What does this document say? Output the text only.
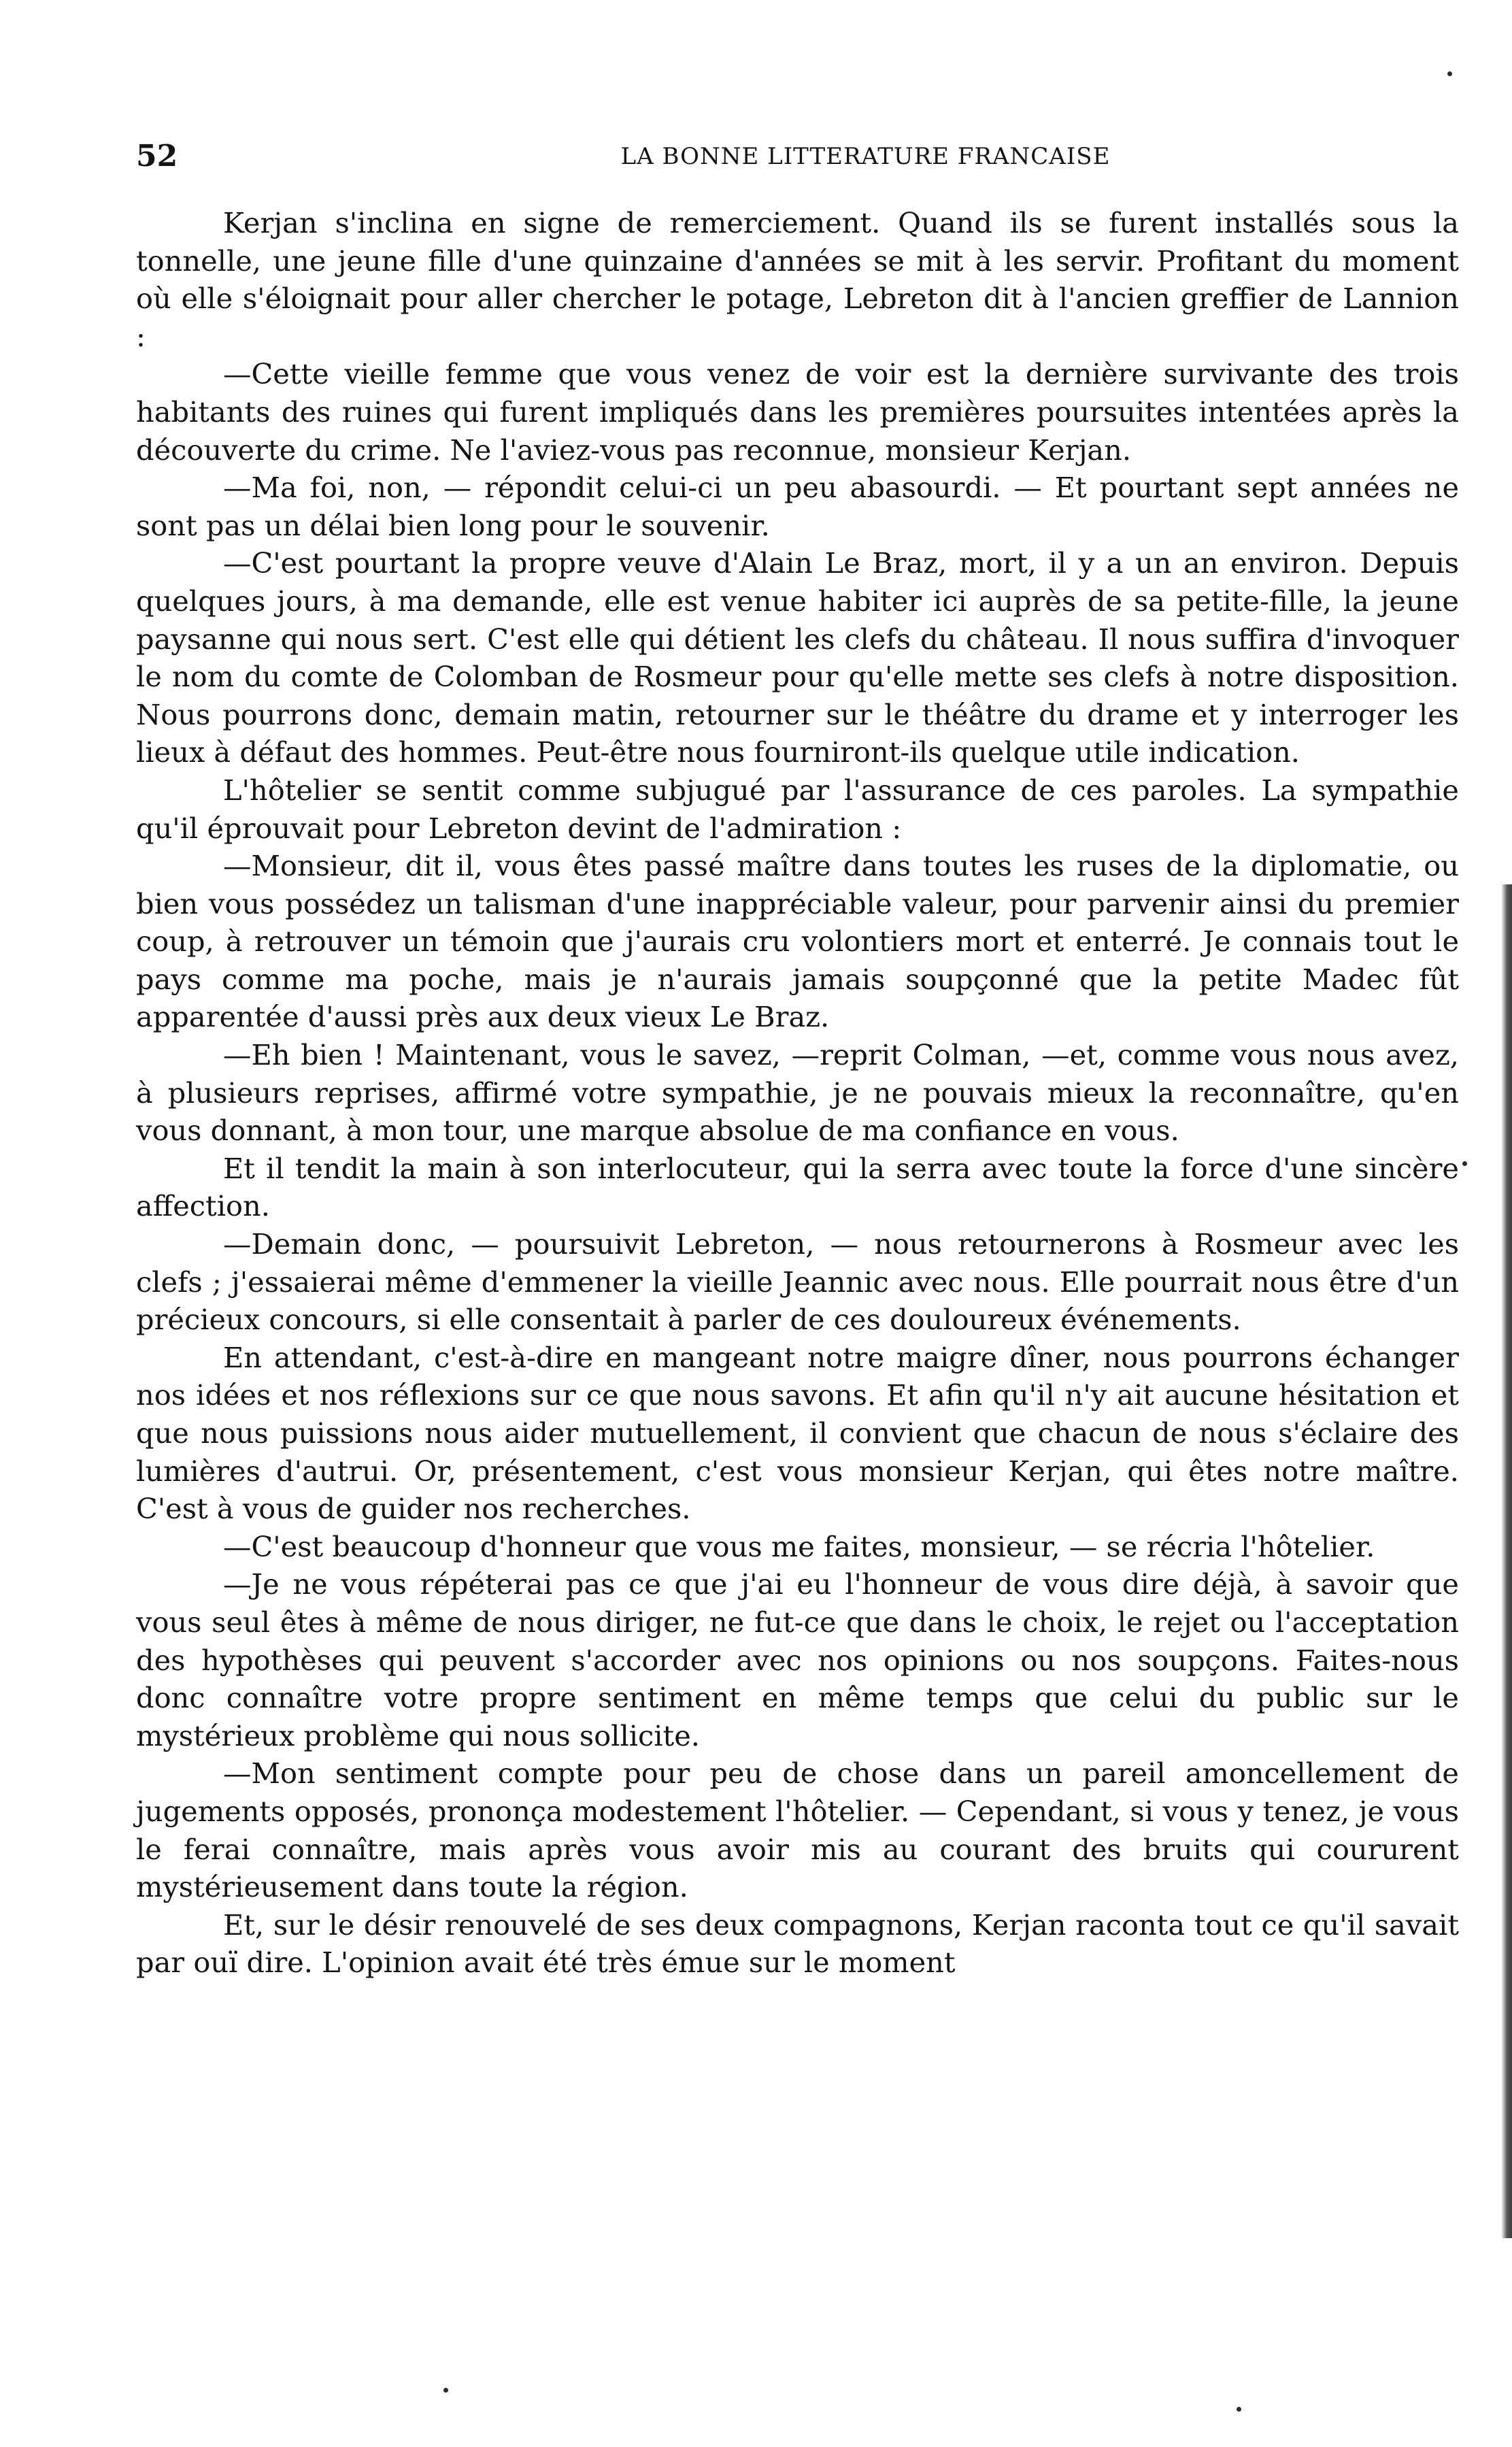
52	LA BONNE LITTERATURE FRANCAISE

Kerjan s'inclina en signe de remerciement. Quand ils se furent installés sous la tonnelle, une jeune fille d'une quinzaine d'années se mit à les servir. Profitant du moment où elle s'éloignait pour aller chercher le potage, Lebreton dit à l'ancien greffier de Lannion :

—Cette vieille femme que vous venez de voir est la dernière survivante des trois habitants des ruines qui furent impliqués dans les premières poursuites intentées après la découverte du crime. Ne l'aviez-vous pas reconnue, monsieur Kerjan.

—Ma foi, non, — répondit celui-ci un peu abasourdi. — Et pourtant sept années ne sont pas un délai bien long pour le souvenir.

—C'est pourtant la propre veuve d'Alain Le Braz, mort, il y a un an environ. Depuis quelques jours, à ma demande, elle est venue habiter ici auprès de sa petite-fille, la jeune paysanne qui nous sert. C'est elle qui détient les clefs du château. Il nous suffira d'invoquer le nom du comte de Colomban de Rosmeur pour qu'elle mette ses clefs à notre disposition. Nous pourrons donc, demain matin, retourner sur le théâtre du drame et y interroger les lieux à défaut des hommes. Peut-être nous fourniront-ils quelque utile indication.

L'hôtelier se sentit comme subjugué par l'assurance de ces paroles. La sympathie qu'il éprouvait pour Lebreton devint de l'admiration :

—Monsieur, dit il, vous êtes passé maître dans toutes les ruses de la diplomatie, ou bien vous possédez un talisman d'une inappréciable valeur, pour parvenir ainsi du premier coup, à retrouver un témoin que j'aurais cru volontiers mort et enterré. Je connais tout le pays comme ma poche, mais je n'aurais jamais soupçonné que la petite Madec fût apparentée d'aussi près aux deux vieux Le Braz.

—Eh bien ! Maintenant, vous le savez, —reprit Colman, —et, comme vous nous avez, à plusieurs reprises, affirmé votre sympathie, je ne pouvais mieux la reconnaître, qu'en vous donnant, à mon tour, une marque absolue de ma confiance en vous.

Et il tendit la main à son interlocuteur, qui la serra avec toute la force d'une sincère affection.

—Demain donc, — poursuivit Lebreton, — nous retournerons à Rosmeur avec les clefs ; j'essaierai même d'emmener la vieille Jeannic avec nous. Elle pourrait nous être d'un précieux concours, si elle consentait à parler de ces douloureux événements.

En attendant, c'est-à-dire en mangeant notre maigre dîner, nous pourrons échanger nos idées et nos réflexions sur ce que nous savons. Et afin qu'il n'y ait aucune hésitation et que nous puissions nous aider mutuellement, il convient que chacun de nous s'éclaire des lumières d'autrui. Or, présentement, c'est vous monsieur Kerjan, qui êtes notre maître. C'est à vous de guider nos recherches.

—C'est beaucoup d'honneur que vous me faites, monsieur, — se récria l'hôtelier.

—Je ne vous répéterai pas ce que j'ai eu l'honneur de vous dire déjà, à savoir que vous seul êtes à même de nous diriger, ne fut-ce que dans le choix, le rejet ou l'acceptation des hypothèses qui peuvent s'accorder avec nos opinions ou nos soupçons. Faites-nous donc connaître votre propre sentiment en même temps que celui du public sur le mystérieux problème qui nous sollicite.

—Mon sentiment compte pour peu de chose dans un pareil amoncellement de jugements opposés, prononça modestement l'hôtelier. — Cependant, si vous y tenez, je vous le ferai connaître, mais après vous avoir mis au courant des bruits qui coururent mystérieusement dans toute la région.

Et, sur le désir renouvelé de ses deux compagnons, Kerjan raconta tout ce qu'il savait par ouï dire. L'opinion avait été très émue sur le moment
